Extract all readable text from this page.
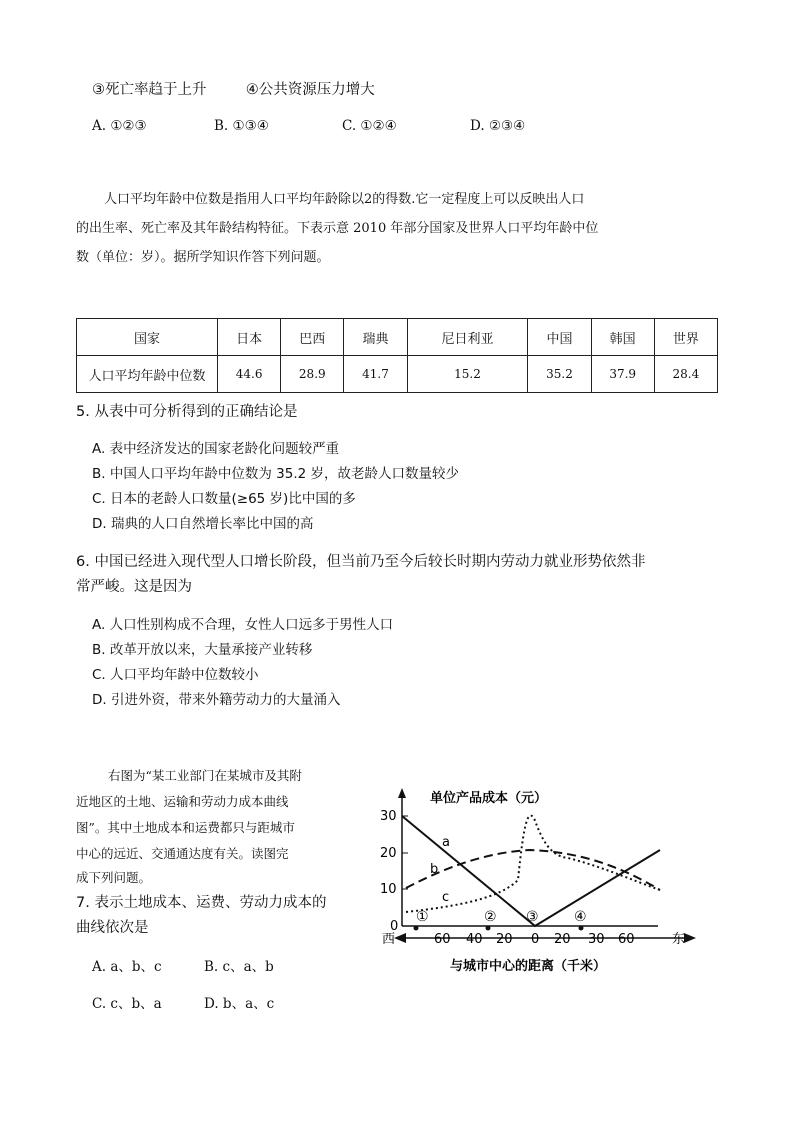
③死亡率趋于上升	④公共资源压力增大
A. ①②③	B. ①③④	C. ①②④	D. ②③④
人口平均年龄中位数是指用人口平均年龄除以2的得数.它一定程度上可以反映出人口
的出生率、死亡率及其年龄结构特征。下表示意 2010 年部分国家及世界人口平均年龄中位
数（单位：岁）。据所学知识作答下列问题。
国家	日本	巴西	瑞典	尼日利亚	中国	韩国	世界
人口平均年龄中位数	44.6	28.9	41.7	15.2	35.2	37.9	28.4
5. 从表中可分析得到的正确结论是
A. 表中经济发达的国家老龄化问题较严重
B. 中国人口平均年龄中位数为 35.2 岁，故老龄人口数量较少
C. 日本的老龄人口数量(≥65 岁)比中国的多
D. 瑞典的人口自然增长率比中国的高
6. 中国已经进入现代型人口增长阶段，但当前乃至今后较长时期内劳动力就业形势依然非
常严峻。这是因为
A. 人口性别构成不合理，女性人口远多于男性人口
B. 改革开放以来，大量承接产业转移
C. 人口平均年龄中位数较小
D. 引进外资，带来外籍劳动力的大量涌入
右图为“某工业部门在某城市及其附
近地区的土地、运输和劳动力成本曲线
图”。其中土地成本和运费都只与距城市
中心的远近、交通通达度有关。读图完
成下列问题。
7. 表示土地成本、运费、劳动力成本的
曲线依次是
A. a、b、c	B. c、a、b
C. c、b、a	D. b、a、c
单位产品成本（元）
30
20
10
0
a
b
c
①	② ③	④
西	东
60 40 20 0 20 30 60
与城市中心的距离（千米）
